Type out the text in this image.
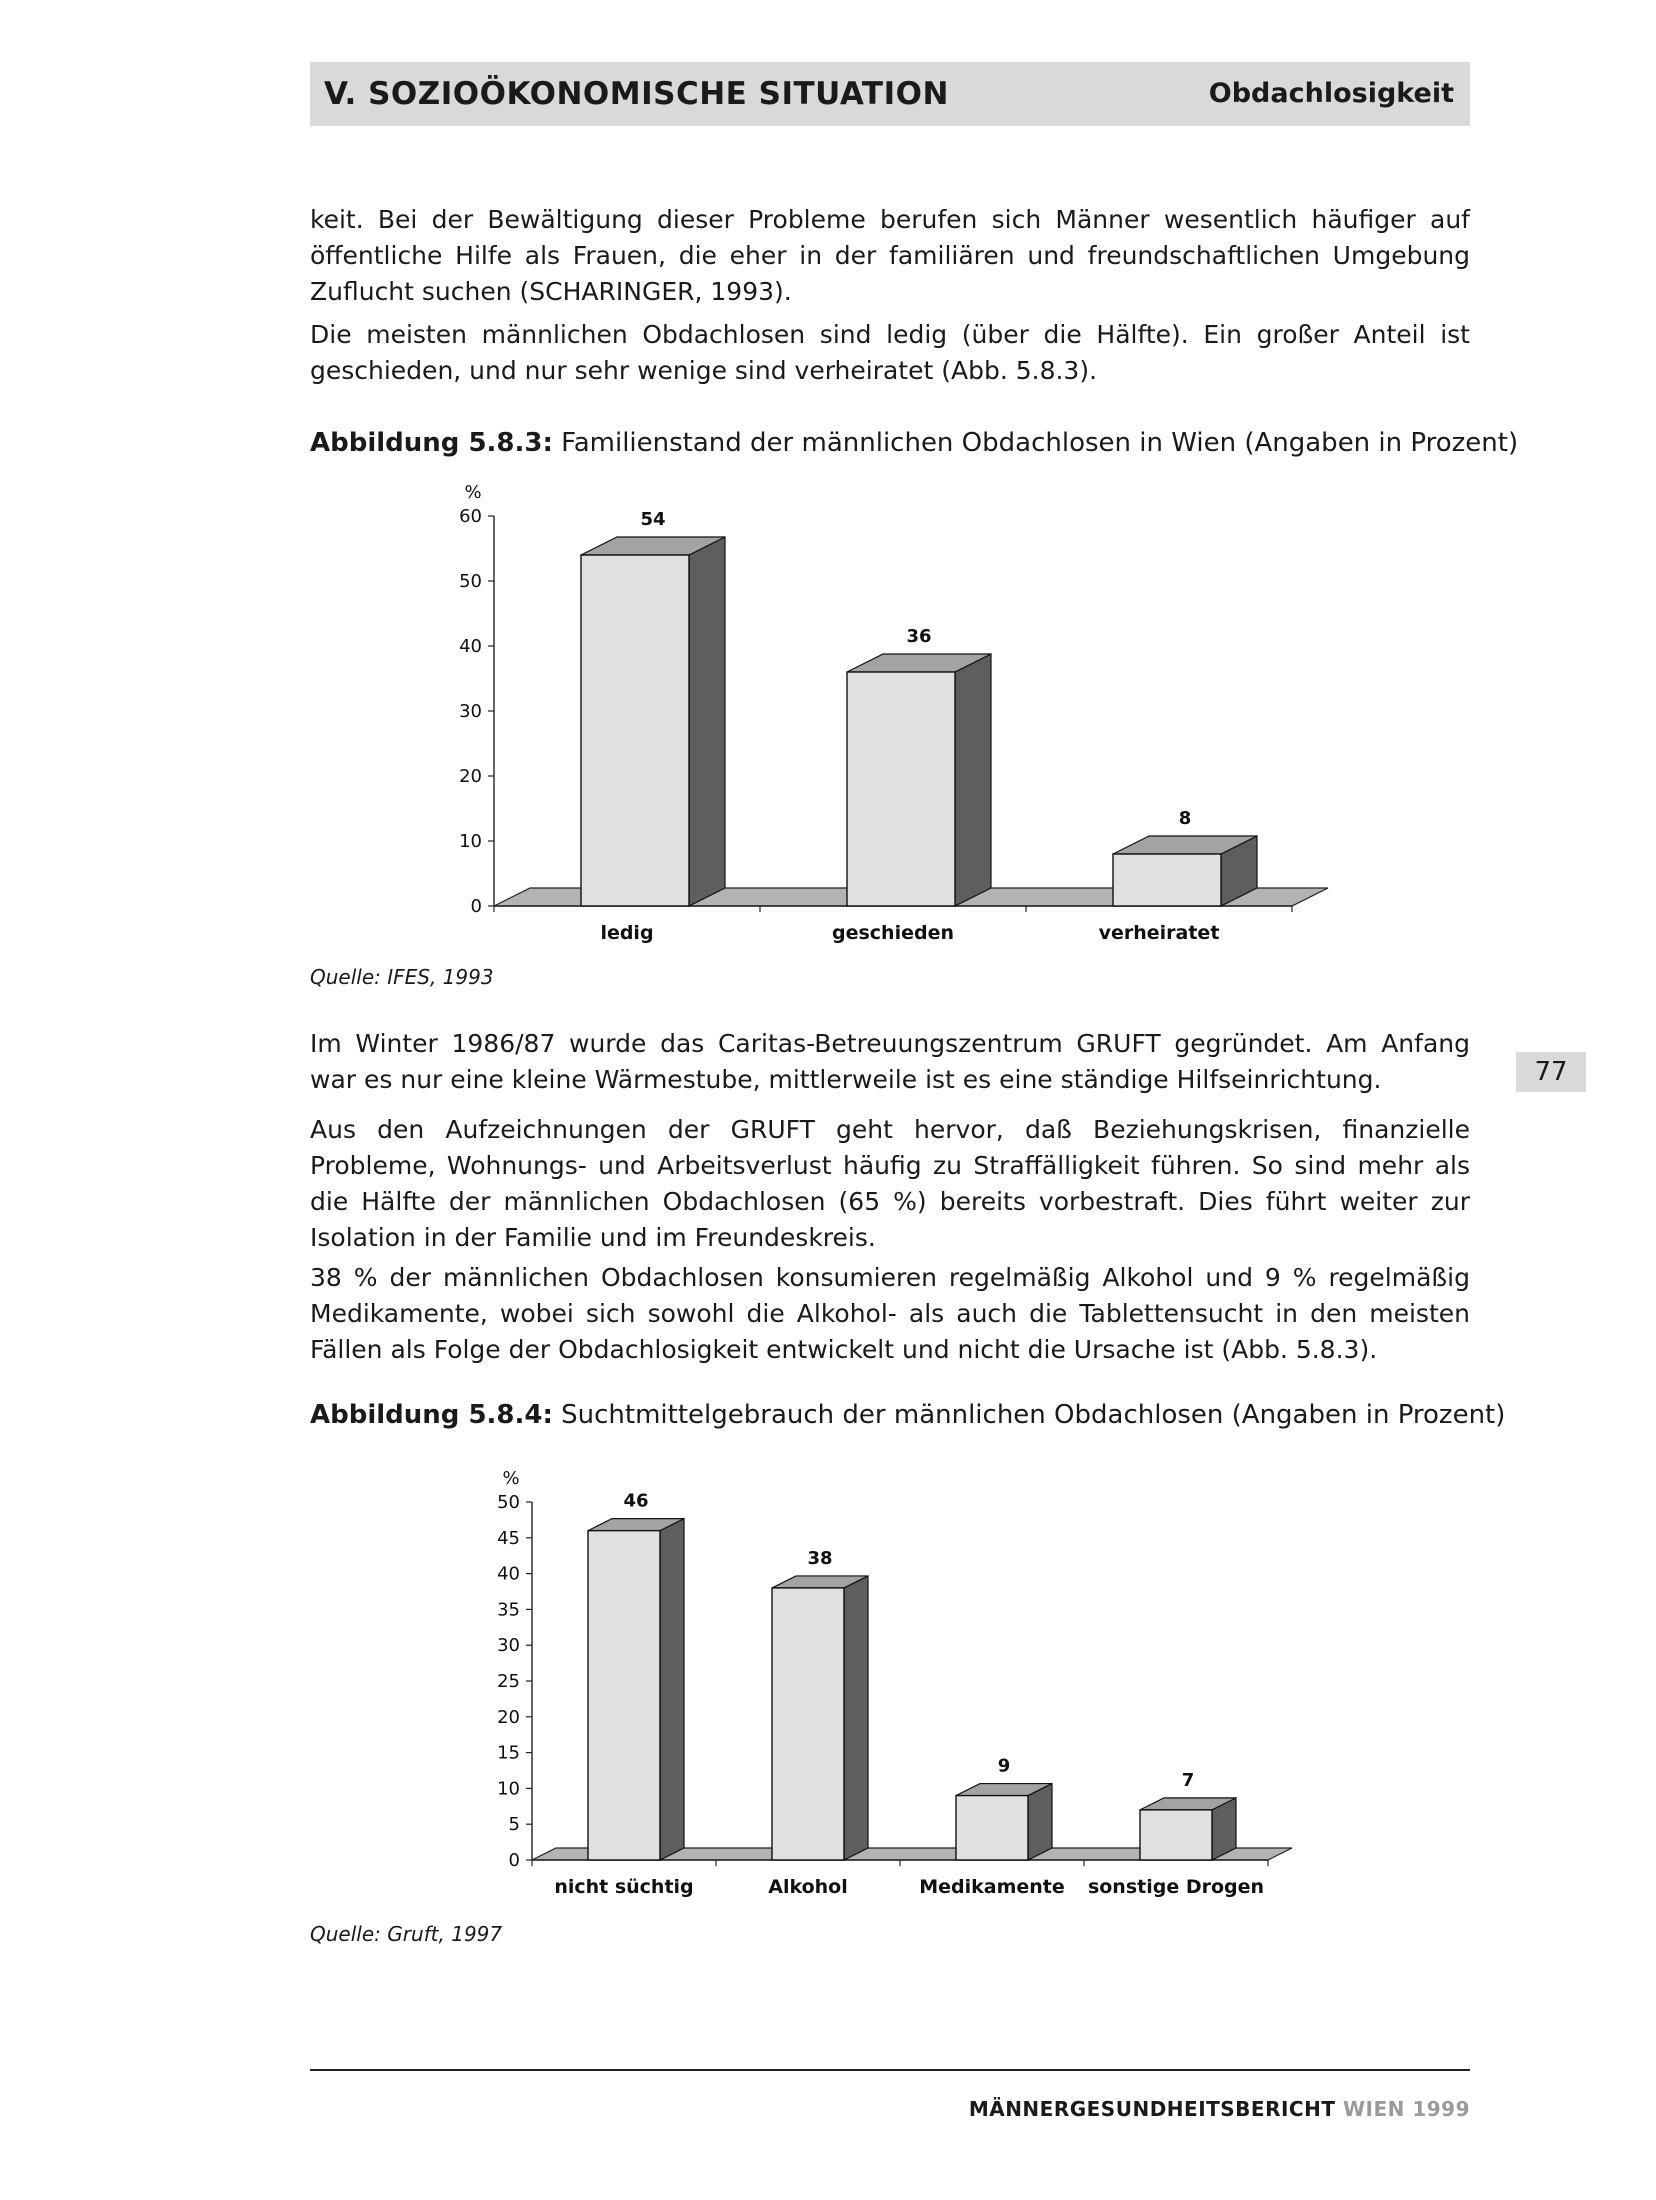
V. SOZIOÖKONOMISCHE SITUATION	Obdachlosigkeit

keit. Bei der Bewältigung dieser Probleme berufen sich Männer wesentlich häufiger auf öffentliche Hilfe als Frauen, die eher in der familiären und freundschaftlichen Umgebung Zuflucht suchen (SCHARINGER, 1993).

Die meisten männlichen Obdachlosen sind ledig (über die Hälfte). Ein großer Anteil ist geschieden, und nur sehr wenige sind verheiratet (Abb. 5.8.3).

Abbildung 5.8.3: Familienstand der männlichen Obdachlosen in Wien (Angaben in Prozent)

0
10
20
30
40
50
60
%
54
ledig
36
geschieden
8
verheiratet

Quelle: IFES, 1993

Im Winter 1986/87 wurde das Caritas-Betreuungszentrum GRUFT gegründet. Am Anfang war es nur eine kleine Wärmestube, mittlerweile ist es eine ständige Hilfseinrichtung.

Aus den Aufzeichnungen der GRUFT geht hervor, daß Beziehungskrisen, finanzielle Probleme, Wohnungs- und Arbeitsverlust häufig zu Straffälligkeit führen. So sind mehr als die Hälfte der männlichen Obdachlosen (65 %) bereits vorbestraft. Dies führt weiter zur Isolation in der Familie und im Freundeskreis.

38 % der männlichen Obdachlosen konsumieren regelmäßig Alkohol und 9 % regelmäßig Medikamente, wobei sich sowohl die Alkohol- als auch die Tablettensucht in den meisten Fällen als Folge der Obdachlosigkeit entwickelt und nicht die Ursache ist (Abb. 5.8.3).

Abbildung 5.8.4: Suchtmittelgebrauch der männlichen Obdachlosen (Angaben in Prozent)

0
5
10
15
20
25
30
35
40
45
50
%
46
nicht süchtig
38
Alkohol
9
Medikamente
7
sonstige Drogen

Quelle: Gruft, 1997

77
MÄNNERGESUNDHEITSBERICHT WIEN 1999
